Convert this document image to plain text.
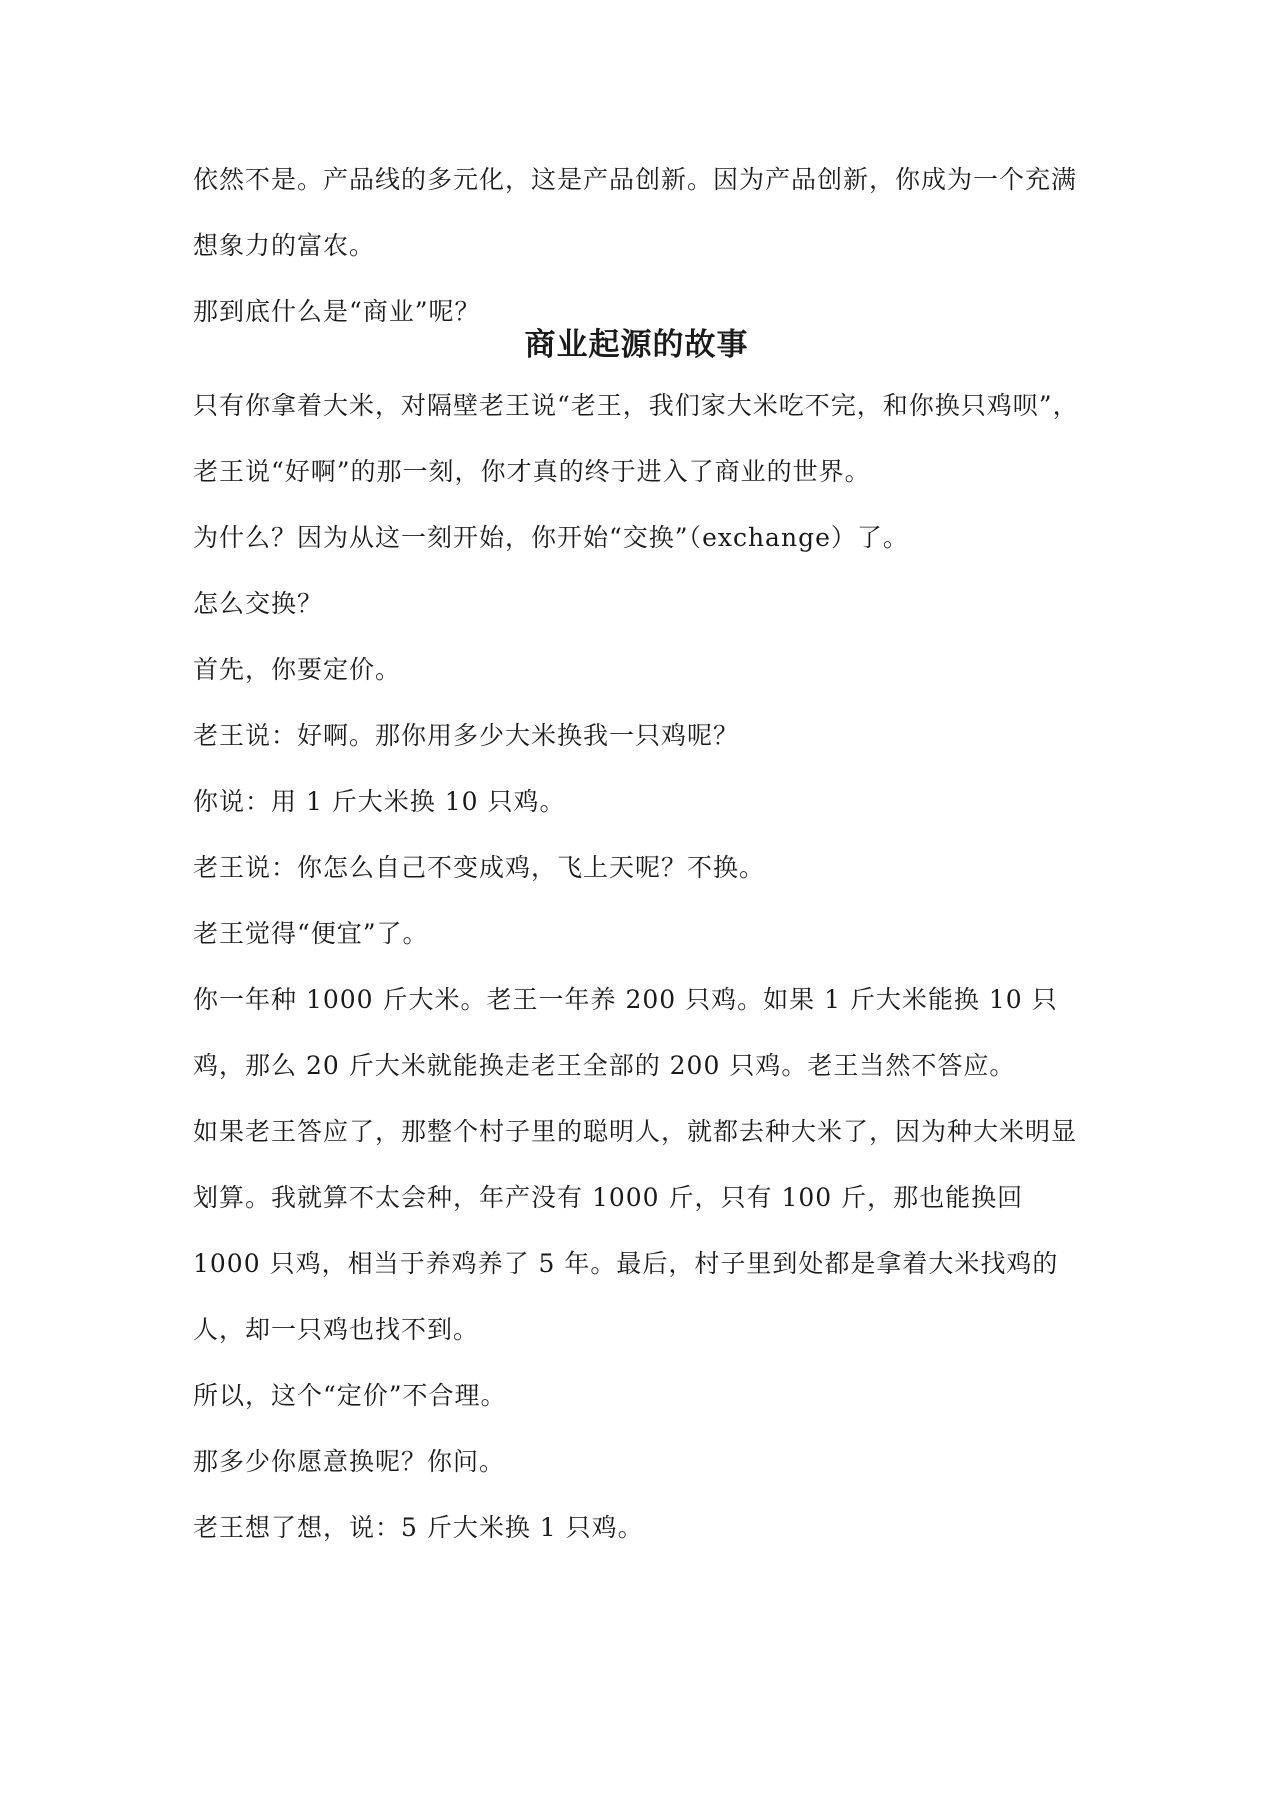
依然不是。产品线的多元化，这是产品创新。因为产品创新，你成为一个充满想象力的富农。

那到底什么是“商业”呢？

商业起源的故事

只有你拿着大米，对隔壁老王说“老王，我们家大米吃不完，和你换只鸡呗”，老王说“好啊”的那一刻，你才真的终于进入了商业的世界。

为什么？因为从这一刻开始，你开始“交换”（exchange）了。

怎么交换？

首先，你要定价。

老王说：好啊。那你用多少大米换我一只鸡呢？

你说：用 1 斤大米换 10 只鸡。

老王说：你怎么自己不变成鸡，飞上天呢？不换。

老王觉得“便宜”了。

你一年种 1000 斤大米。老王一年养 200 只鸡。如果 1 斤大米能换 10 只鸡，那么 20 斤大米就能换走老王全部的 200 只鸡。老王当然不答应。

如果老王答应了，那整个村子里的聪明人，就都去种大米了，因为种大米明显划算。我就算不太会种，年产没有 1000 斤，只有 100 斤，那也能换回 1000 只鸡，相当于养鸡养了 5 年。最后，村子里到处都是拿着大米找鸡的人，却一只鸡也找不到。

所以，这个“定价”不合理。

那多少你愿意换呢？你问。

老王想了想，说：5 斤大米换 1 只鸡。
